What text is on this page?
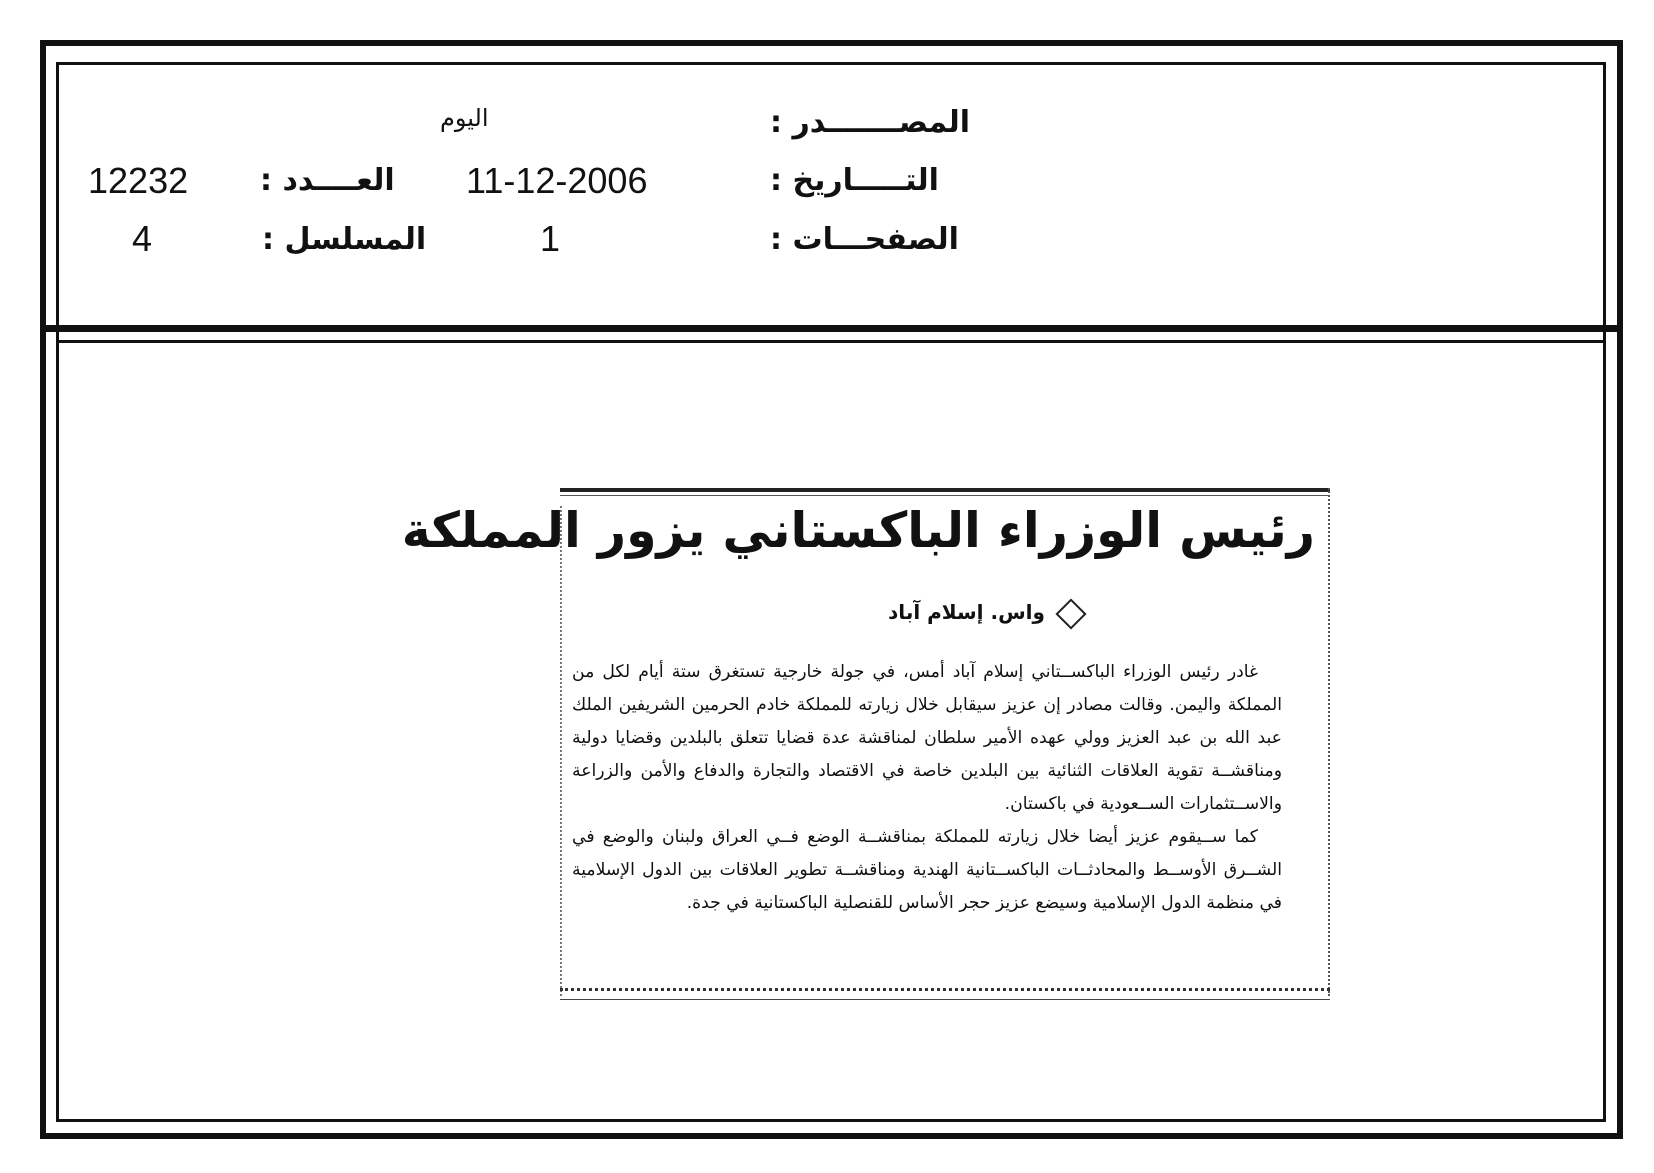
المصـــــــدر :
اليوم
التـــــاريخ :
11-12-2006
العــــدد :
12232
الصفحـــات :
1
المسلسل :
4
رئيس الوزراء الباكستاني يزور المملكة
واس. إسلام آباد

غادر رئيس الوزراء الباكســتاني إسلام آباد أمس، في جولة خارجية تستغرق ستة أيام لكل من المملكة واليمن. وقالت مصادر إن عزيز سيقابل خلال زيارته للمملكة خادم الحرمين الشريفين الملك عبد الله بن عبد العزيز وولي عهده الأمير سلطان لمناقشة عدة قضايا تتعلق بالبلدين وقضايا دولية ومناقشــة تقوية العلاقات الثنائية بين البلدين خاصة في الاقتصاد والتجارة والدفاع والأمن والزراعة والاســتثمارات الســعودية في باكستان.

كما ســيقوم عزيز أيضا خلال زيارته للمملكة بمناقشــة الوضع فــي العراق ولبنان والوضع في الشــرق الأوســط والمحادثــات الباكســتانية الهندية ومناقشــة تطوير العلاقات بين الدول الإسلامية في منظمة الدول الإسلامية وسيضع عزيز حجر الأساس للقنصلية الباكستانية في جدة.
